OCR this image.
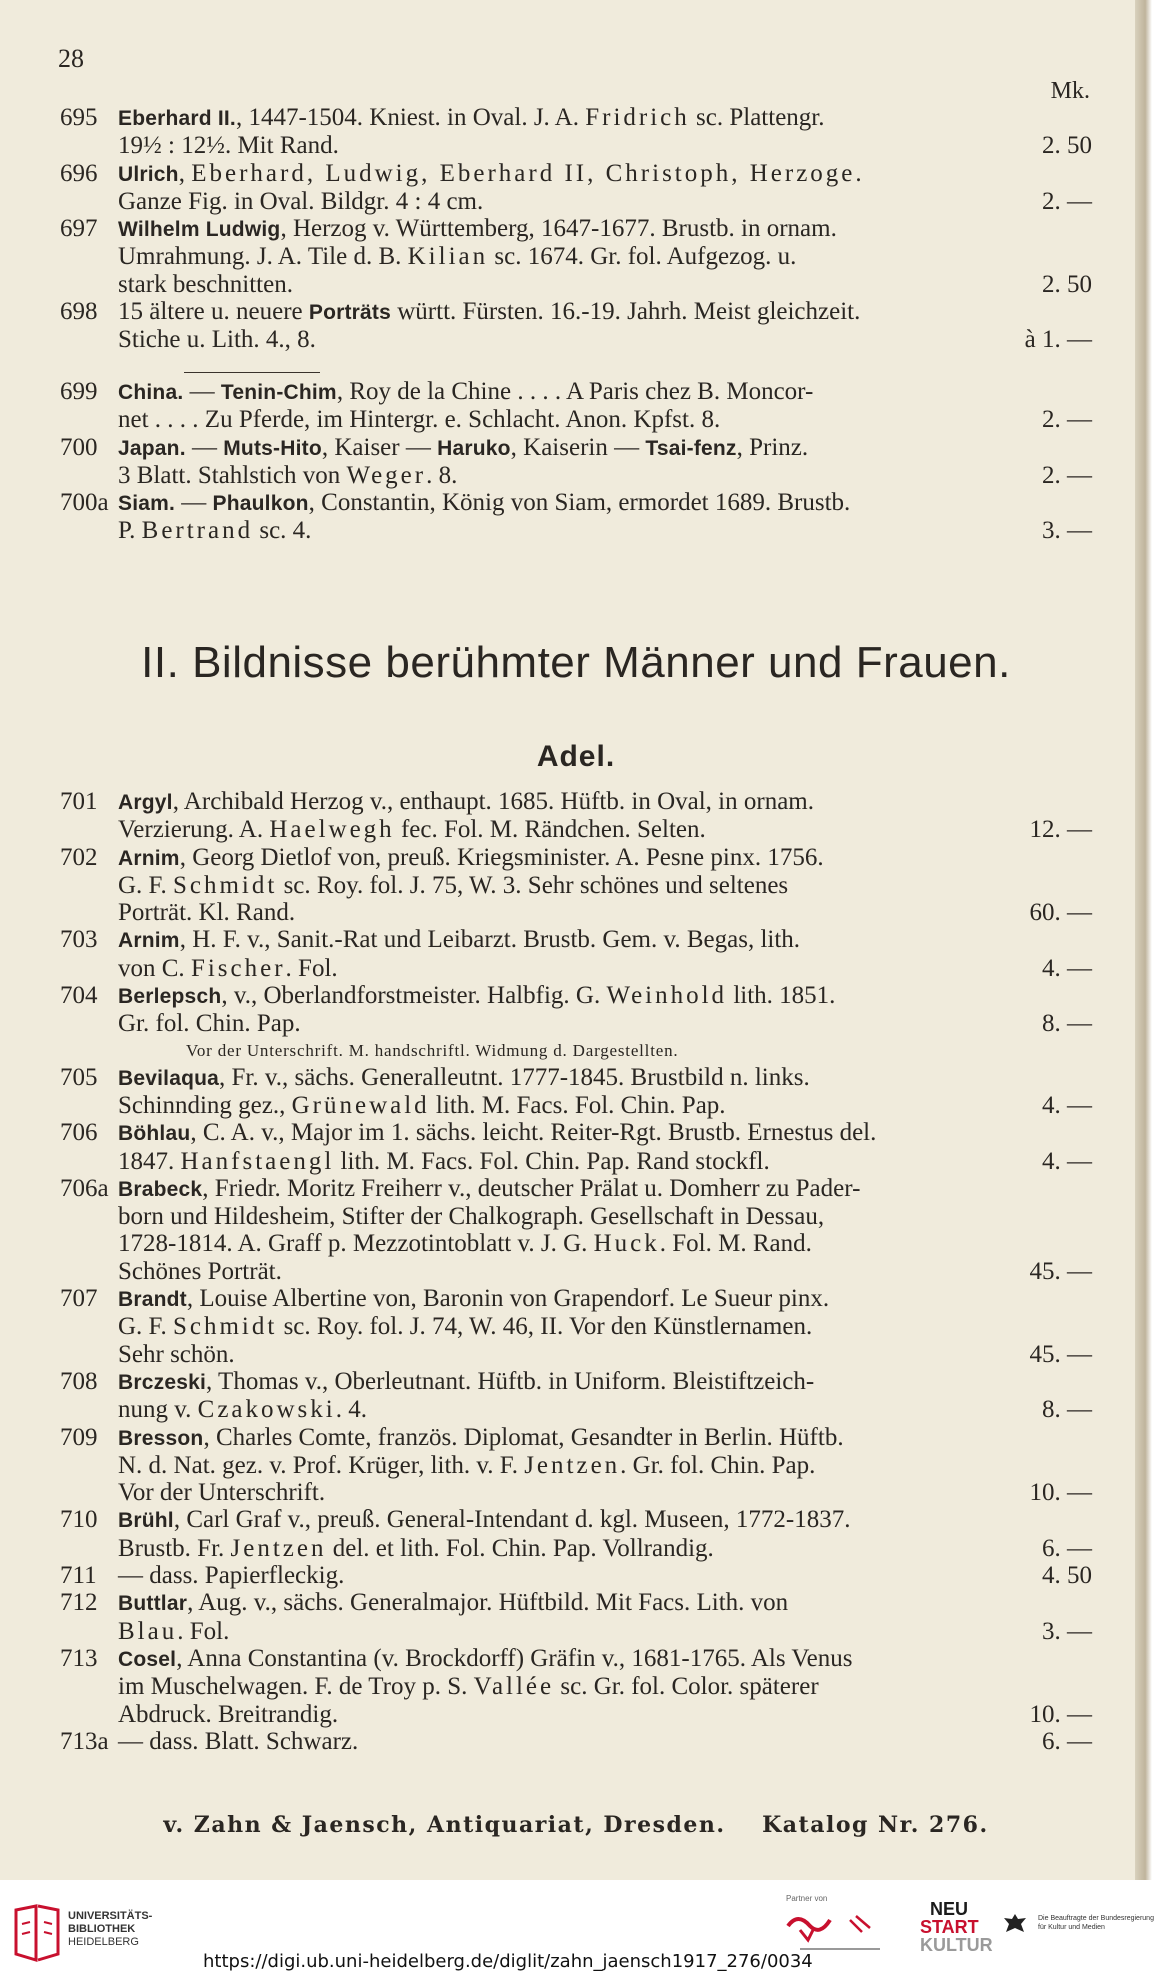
28
Mk.
695 Eberhard II., 1447-1504. Kniest. in Oval. J. A. Fridrich sc. Plattengr.
19½ : 12½. Mit Rand.	2. 50
696 Ulrich, Eberhard, Ludwig, Eberhard II, Christoph, Herzoge.
Ganze Fig. in Oval. Bildgr. 4 : 4 cm.	2. —
697 Wilhelm Ludwig, Herzog v. Württemberg, 1647-1677. Brustb. in ornam.
Umrahmung. J. A. Tile d. B. Kilian sc. 1674. Gr. fol. Aufgezog. u.
stark beschnitten.	2. 50
698 15 ältere u. neuere Porträts württ. Fürsten. 16.-19. Jahrh. Meist gleichzeit.
Stiche u. Lith. 4., 8.	à 1. —
699 China. — Tenin-Chim, Roy de la Chine . . . . A Paris chez B. Moncor-
net . . . . Zu Pferde, im Hintergr. e. Schlacht. Anon. Kpfst. 8.	2. —
700 Japan. — Muts-Hito, Kaiser — Haruko, Kaiserin — Tsai-fenz, Prinz.
3 Blatt. Stahlstich von Weger. 8.	2. —
700a Siam. — Phaulkon, Constantin, König von Siam, ermordet 1689. Brustb.
P. Bertrand sc. 4.	3. —
II. Bildnisse berühmter Männer und Frauen.
Adel.
701 Argyl, Archibald Herzog v., enthaupt. 1685. Hüftb. in Oval, in ornam.
Verzierung. A. Haelwegh fec. Fol. M. Rändchen. Selten.	12. —
702 Arnim, Georg Dietlof von, preuß. Kriegsminister. A. Pesne pinx. 1756.
G. F. Schmidt sc. Roy. fol. J. 75, W. 3. Sehr schönes und seltenes
Porträt. Kl. Rand.	60. —
703 Arnim, H. F. v., Sanit.-Rat und Leibarzt. Brustb. Gem. v. Begas, lith.
von C. Fischer. Fol.	4. —
704 Berlepsch, v., Oberlandforstmeister. Halbfig. G. Weinhold lith. 1851.
Gr. fol. Chin. Pap.	8. —
Vor der Unterschrift. M. handschriftl. Widmung d. Dargestellten.
705 Bevilaqua, Fr. v., sächs. Generalleutnt. 1777-1845. Brustbild n. links.
Schinnding gez., Grünewald lith. M. Facs. Fol. Chin. Pap.	4. —
706 Böhlau, C. A. v., Major im 1. sächs. leicht. Reiter-Rgt. Brustb. Ernestus del.
1847. Hanfstaengl lith. M. Facs. Fol. Chin. Pap. Rand stockfl.	4. —
706a Brabeck, Friedr. Moritz Freiherr v., deutscher Prälat u. Domherr zu Pader-
born und Hildesheim, Stifter der Chalkograph. Gesellschaft in Dessau,
1728-1814. A. Graff p. Mezzotintoblatt v. J. G. Huck. Fol. M. Rand.
Schönes Porträt.	45. —
707 Brandt, Louise Albertine von, Baronin von Grapendorf. Le Sueur pinx.
G. F. Schmidt sc. Roy. fol. J. 74, W. 46, II. Vor den Künstlernamen.
Sehr schön.	45. —
708 Brczeski, Thomas v., Oberleutnant. Hüftb. in Uniform. Bleistiftzeich-
nung v. Czakowski. 4.	8. —
709 Bresson, Charles Comte, französ. Diplomat, Gesandter in Berlin. Hüftb.
N. d. Nat. gez. v. Prof. Krüger, lith. v. F. Jentzen. Gr. fol. Chin. Pap.
Vor der Unterschrift.	10. —
710 Brühl, Carl Graf v., preuß. General-Intendant d. kgl. Museen, 1772-1837.
Brustb. Fr. Jentzen del. et lith. Fol. Chin. Pap. Vollrandig.	6. —
711 — dass. Papierfleckig.	4. 50
712 Buttlar, Aug. v., sächs. Generalmajor. Hüftbild. Mit Facs. Lith. von
Blau. Fol.	3. —
713 Cosel, Anna Constantina (v. Brockdorff) Gräfin v., 1681-1765. Als Venus
im Muschelwagen. F. de Troy p. S. Vallée sc. Gr. fol. Color. späterer
Abdruck. Breitrandig.	10. —
713a — dass. Blatt. Schwarz.	6. —
v. Zahn & Jaensch, Antiquariat, Dresden. Katalog Nr. 276.
UNIVERSITÄTS-
BIBLIOTHEK
HEIDELBERG
Partner von
NEU
START
KULTUR
Die Beauftragte der Bundesregierung
für Kultur und Medien
https://digi.ub.uni-heidelberg.de/diglit/zahn_jaensch1917_276/0034
